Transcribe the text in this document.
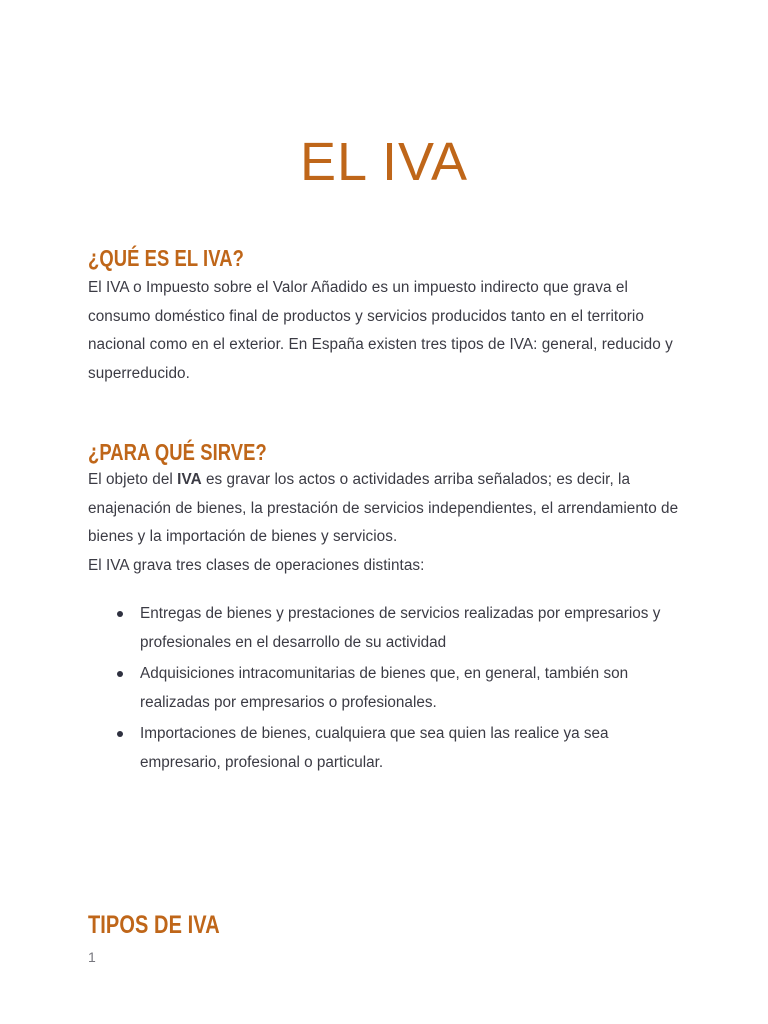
EL IVA
¿QUÉ ES EL IVA?

El IVA o Impuesto sobre el Valor Añadido es un impuesto indirecto que grava el consumo doméstico final de productos y servicios producidos tanto en el territorio nacional como en el exterior. En España existen tres tipos de IVA: general, reducido y superreducido.

¿PARA QUÉ SIRVE?

El objeto del IVA es gravar los actos o actividades arriba señalados; es decir, la enajenación de bienes, la prestación de servicios independientes, el arrendamiento de bienes y la importación de bienes y servicios.

El IVA grava tres clases de operaciones distintas:

Entregas de bienes y prestaciones de servicios realizadas por empresarios y profesionales en el desarrollo de su actividad
Adquisiciones intracomunitarias de bienes que, en general, también son realizadas por empresarios o profesionales.
Importaciones de bienes, cualquiera que sea quien las realice ya sea empresario, profesional o particular.
TIPOS DE IVA
1
